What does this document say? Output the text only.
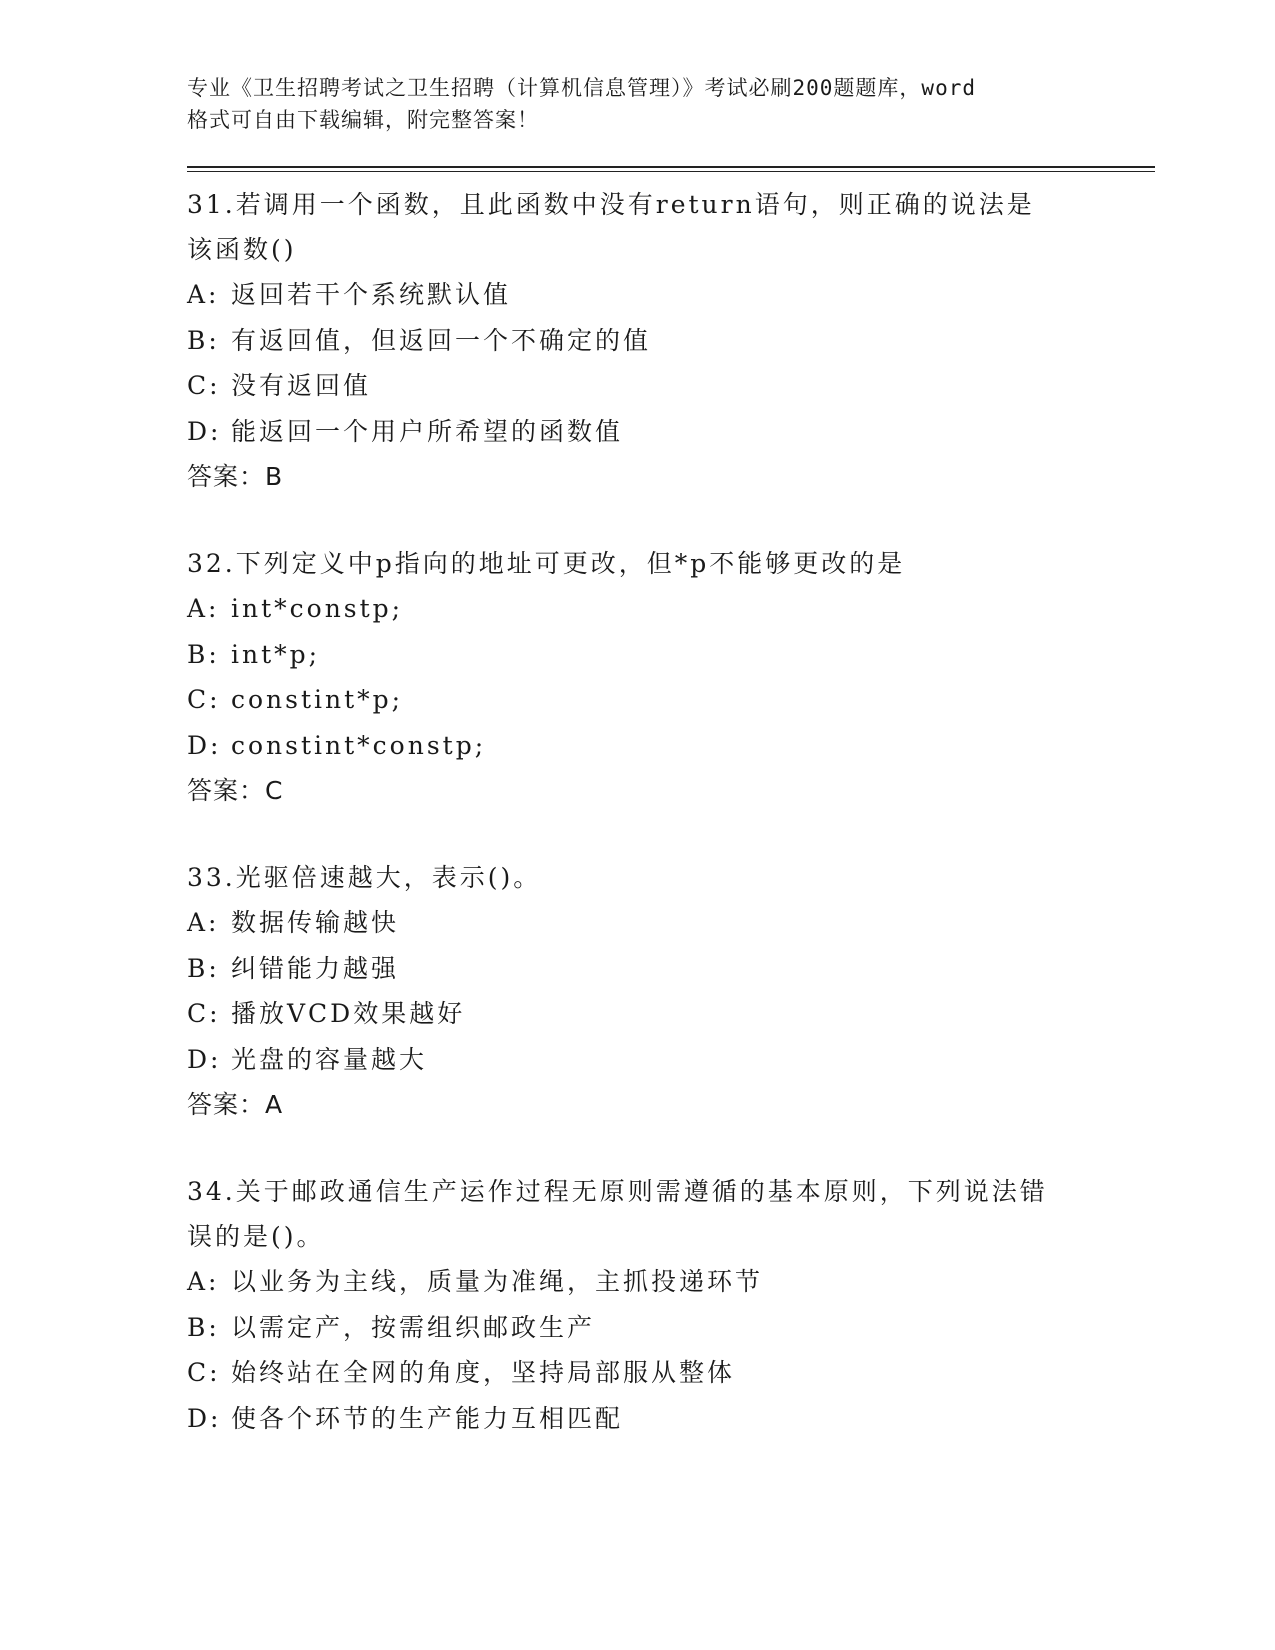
专业《卫生招聘考试之卫生招聘（计算机信息管理）》考试必刷200题题库，word

格式可自由下载编辑，附完整答案！

31.若调用一个函数，且此函数中没有return语句，则正确的说法是

该函数()

A: 返回若干个系统默认值

B: 有返回值，但返回一个不确定的值

C: 没有返回值

D: 能返回一个用户所希望的函数值

答案：B

32.下列定义中p指向的地址可更改，但*p不能够更改的是

A: int*constp;

B: int*p;

C: constint*p;

D: constint*constp;

答案：C

33.光驱倍速越大，表示()。

A: 数据传输越快

B: 纠错能力越强

C: 播放VCD效果越好

D: 光盘的容量越大

答案：A

34.关于邮政通信生产运作过程无原则需遵循的基本原则，下列说法错

误的是()。

A: 以业务为主线，质量为准绳，主抓投递环节

B: 以需定产，按需组织邮政生产

C: 始终站在全网的角度，坚持局部服从整体

D: 使各个环节的生产能力互相匹配
